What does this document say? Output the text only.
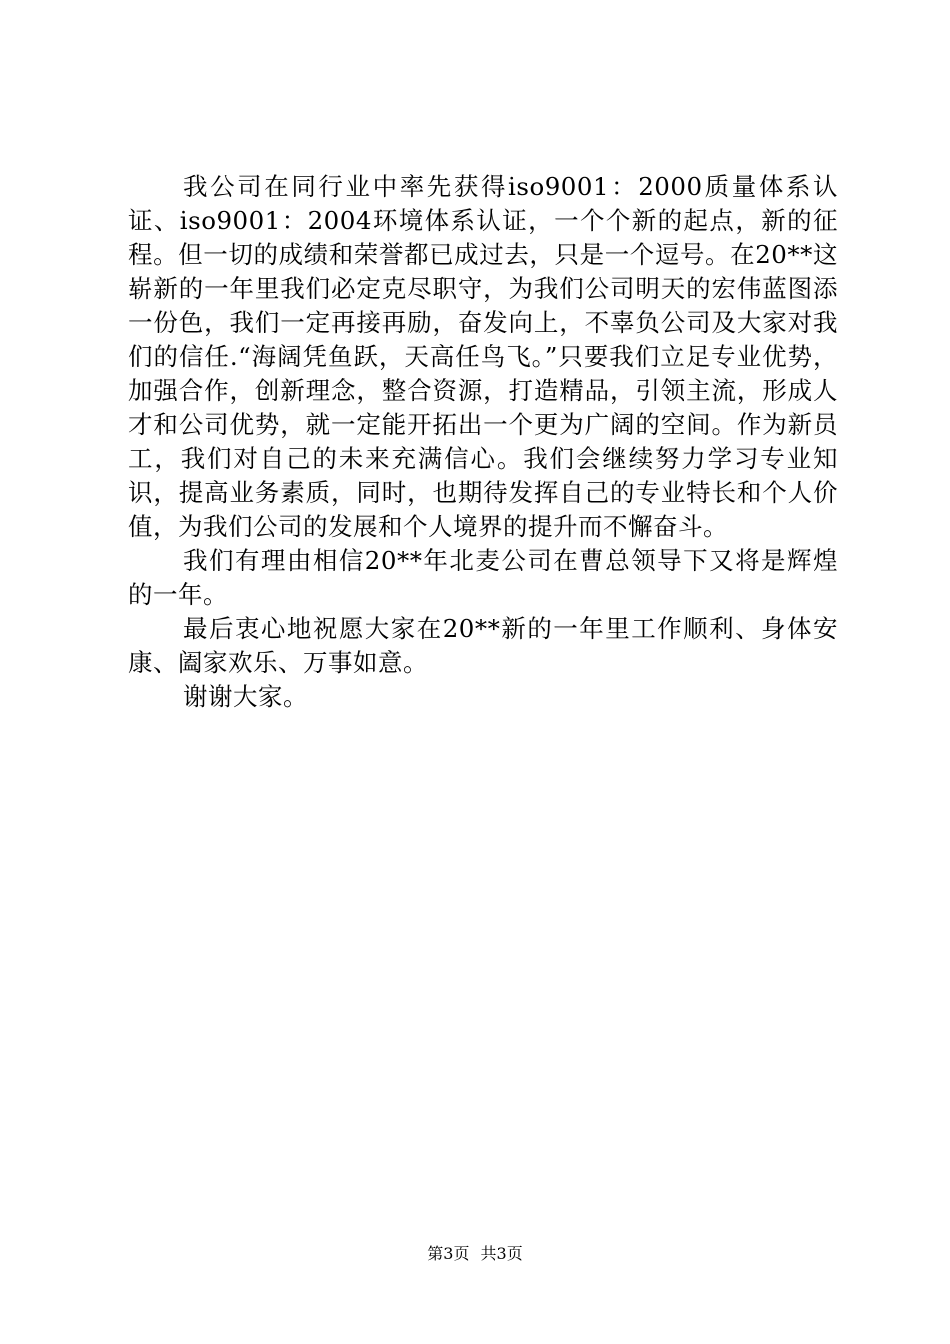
我公司在同行业中率先获得iso9001：2000质量体系认证、iso9001：2004环境体系认证，一个个新的起点，新的征程。但一切的成绩和荣誉都已成过去，只是一个逗号。在20**这崭新的一年里我们必定克尽职守，为我们公司明天的宏伟蓝图添一份色，我们一定再接再励，奋发向上，不辜负公司及大家对我们的信任.“海阔凭鱼跃，天高任鸟飞。”只要我们立足专业优势，加强合作，创新理念，整合资源，打造精品，引领主流，形成人才和公司优势，就一定能开拓出一个更为广阔的空间。作为新员工，我们对自己的未来充满信心。我们会继续努力学习专业知识，提高业务素质，同时，也期待发挥自己的专业特长和个人价值，为我们公司的发展和个人境界的提升而不懈奋斗。

我们有理由相信20**年北麦公司在曹总领导下又将是辉煌的一年。

最后衷心地祝愿大家在20**新的一年里工作顺利、身体安康、阖家欢乐、万事如意。

谢谢大家。

第3页 共3页
